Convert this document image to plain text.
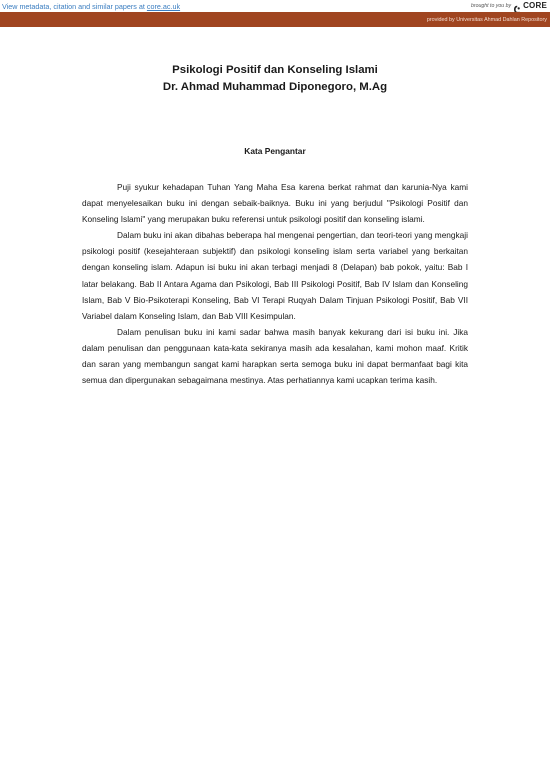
View metadata, citation and similar papers at core.ac.uk	brought to you by CORE
provided by Universitas Ahmad Dahlan Repository
Psikologi Positif dan Konseling Islami
Dr. Ahmad Muhammad Diponegoro, M.Ag
Kata Pengantar

Puji syukur kehadapan Tuhan Yang Maha Esa karena berkat rahmat dan karunia-Nya kami dapat menyelesaikan buku ini dengan sebaik-baiknya. Buku ini yang berjudul "Psikologi Positif dan Konseling Islami" yang merupakan buku referensi untuk psikologi positif dan konseling islami.

Dalam buku ini akan dibahas beberapa hal mengenai pengertian, dan teori-teori yang mengkaji psikologi positif (kesejahteraan subjektif) dan psikologi konseling islam serta variabel yang berkaitan dengan konseling islam. Adapun isi buku ini akan terbagi menjadi 8 (Delapan) bab pokok, yaitu: Bab I latar belakang. Bab II Antara Agama dan Psikologi, Bab III Psikologi Positif, Bab IV Islam dan Konseling Islam, Bab V Bio-Psikoterapi Konseling, Bab VI Terapi Ruqyah Dalam Tinjuan Psikologi Positif, Bab VII Variabel dalam Konseling Islam, dan Bab VIII Kesimpulan.

Dalam penulisan buku ini kami sadar bahwa masih banyak kekurang dari isi buku ini. Jika dalam penulisan dan penggunaan kata-kata sekiranya masih ada kesalahan, kami mohon maaf. Kritik dan saran yang membangun sangat kami harapkan serta semoga buku ini dapat bermanfaat bagi kita semua dan dipergunakan sebagaimana mestinya. Atas perhatiannya kami ucapkan terima kasih.
